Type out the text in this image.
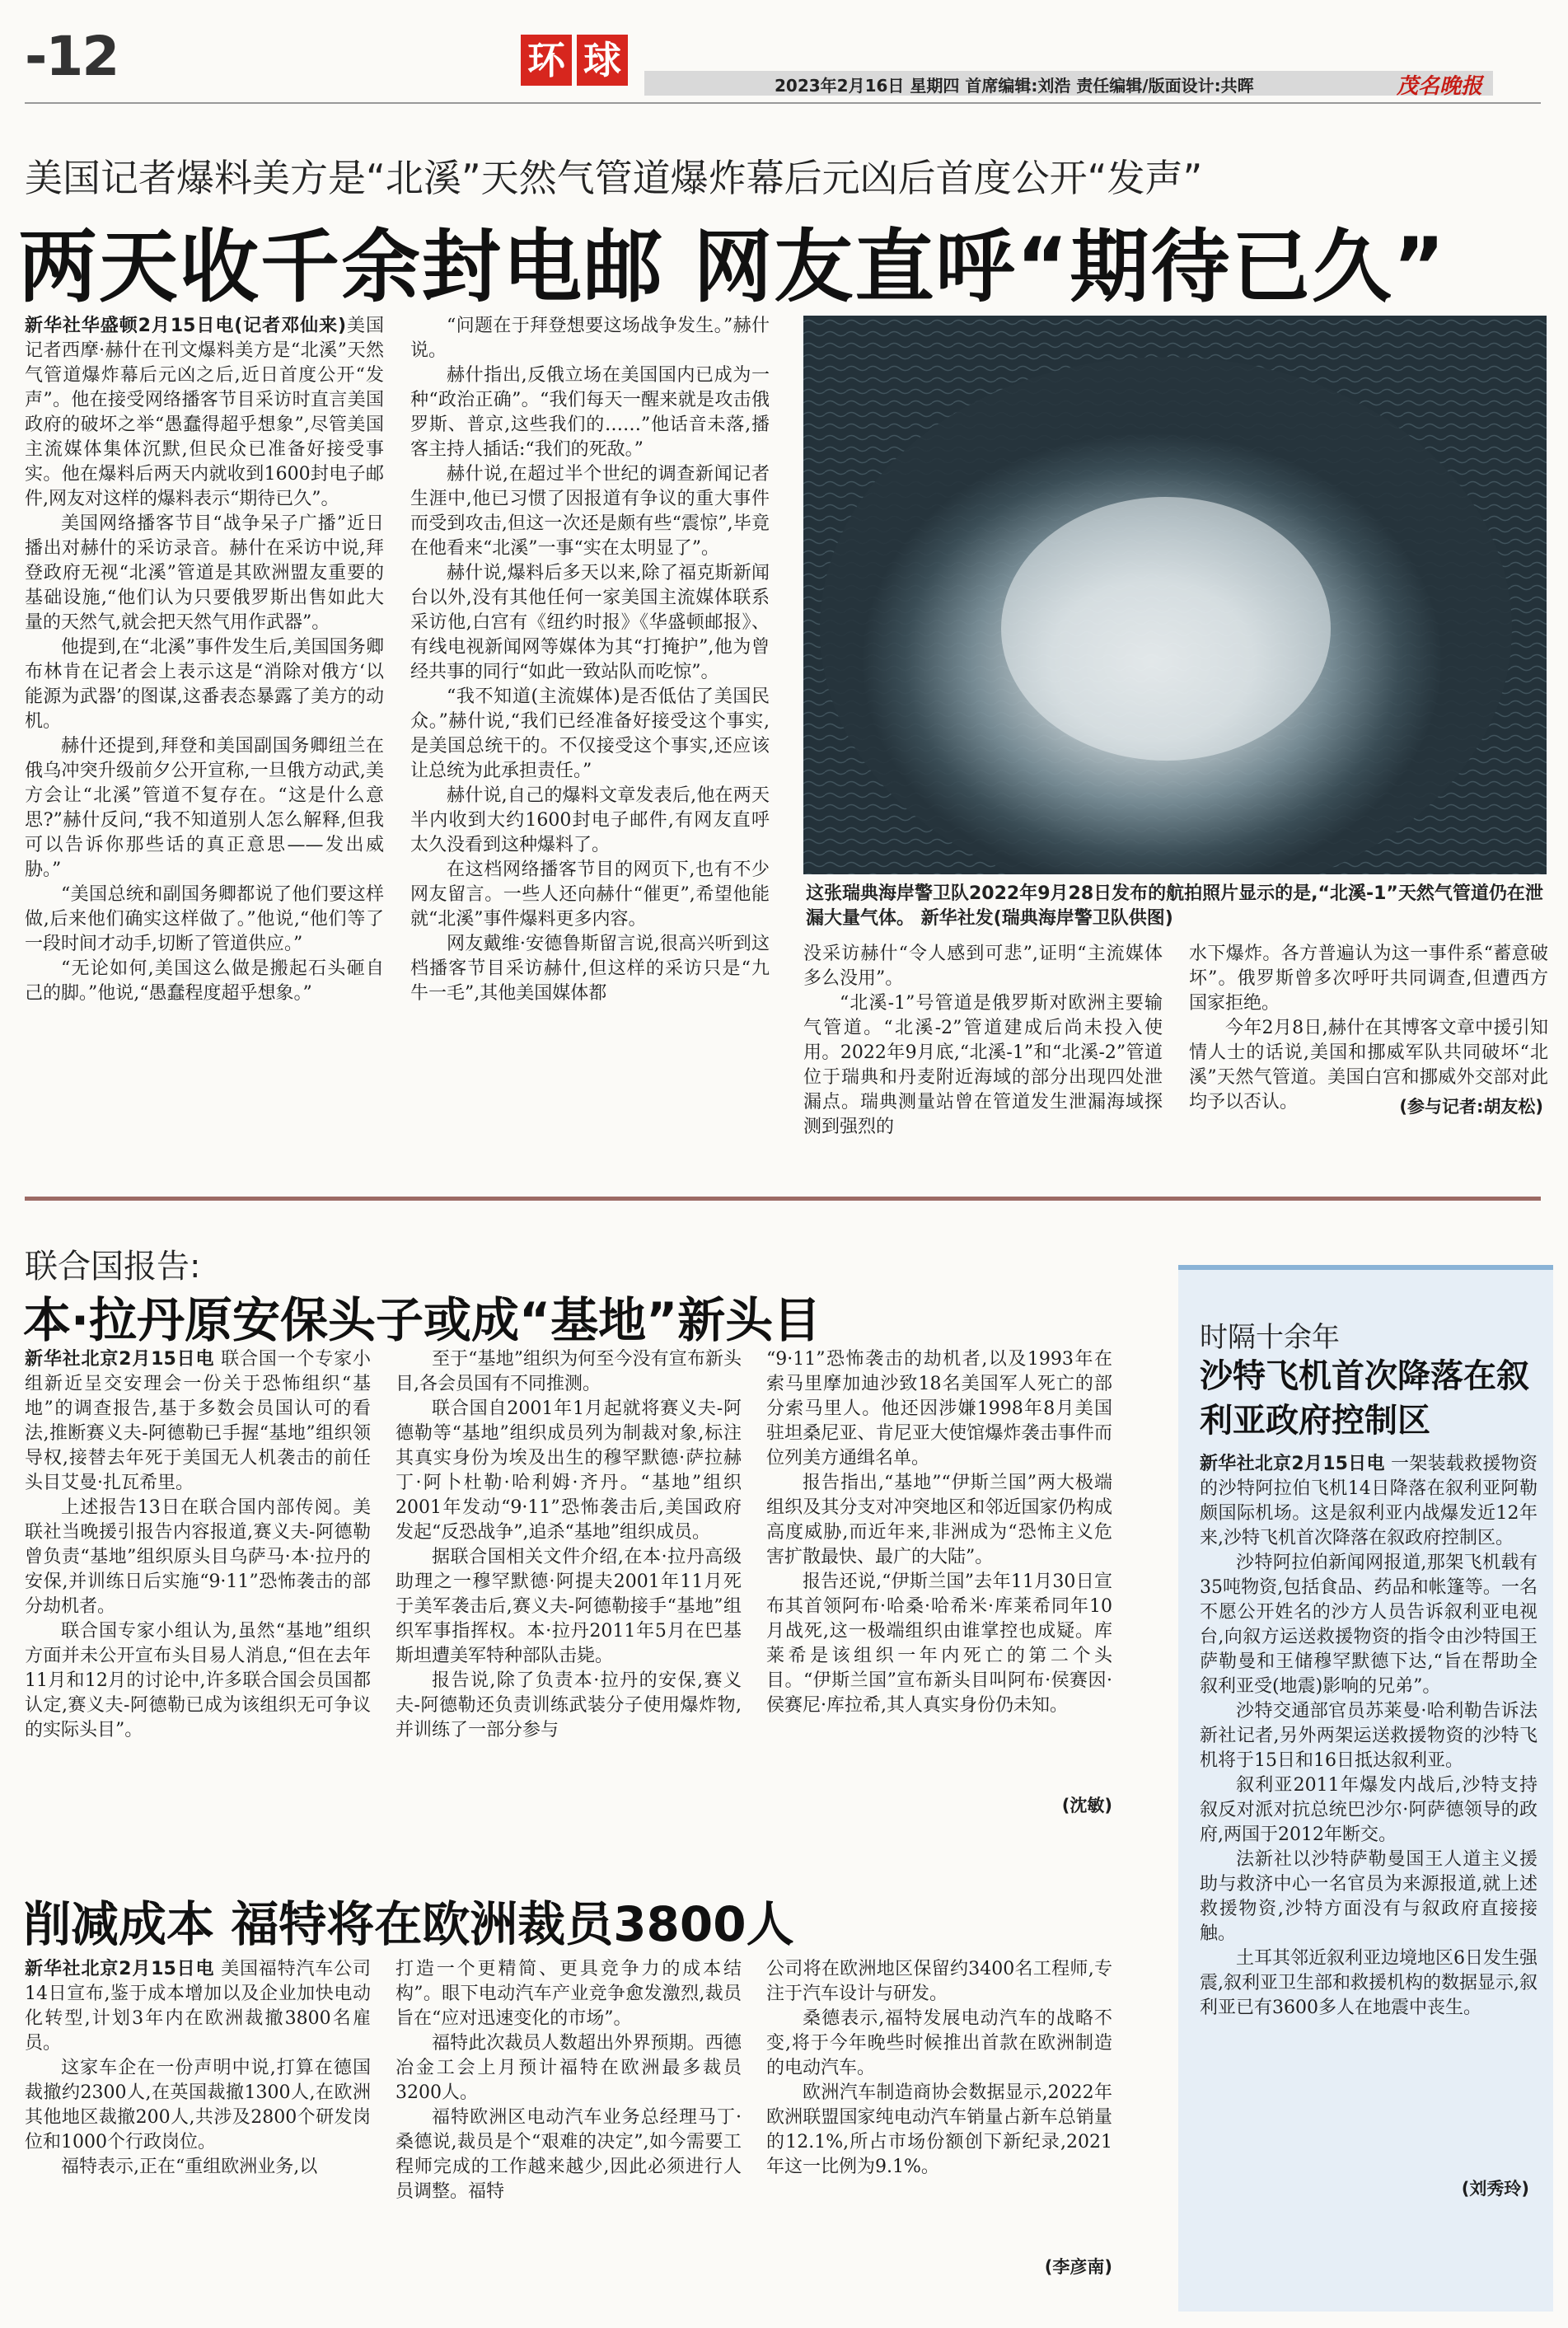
-12	环 球
2023年2月16日 星期四 首席编辑:刘浩 责任编辑/版面设计:共晖	茂名晚报
美国记者爆料美方是“北溪”天然气管道爆炸幕后元凶后首度公开“发声”
两天收千余封电邮 网友直呼“期待已久”

新华社华盛顿2月15日电(记者邓仙来)美国记者西摩·赫什在刊文爆料美方是“北溪”天然气管道爆炸幕后元凶之后,近日首度公开“发声”。他在接受网络播客节目采访时直言美国政府的破坏之举“愚蠢得超乎想象”,尽管美国主流媒体集体沉默,但民众已准备好接受事实。他在爆料后两天内就收到1600封电子邮件,网友对这样的爆料表示“期待已久”。

美国网络播客节目“战争呆子广播”近日播出对赫什的采访录音。赫什在采访中说,拜登政府无视“北溪”管道是其欧洲盟友重要的基础设施,“他们认为只要俄罗斯出售如此大量的天然气,就会把天然气用作武器”。

他提到,在“北溪”事件发生后,美国国务卿布林肯在记者会上表示这是“消除对俄方‘以能源为武器’的图谋,这番表态暴露了美方的动机。

赫什还提到,拜登和美国副国务卿纽兰在俄乌冲突升级前夕公开宣称,一旦俄方动武,美方会让“北溪”管道不复存在。“这是什么意思?”赫什反问,“我不知道别人怎么解释,但我可以告诉你那些话的真正意思——发出威胁。”

“美国总统和副国务卿都说了他们要这样做,后来他们确实这样做了。”他说,“他们等了一段时间才动手,切断了管道供应。”

“无论如何,美国这么做是搬起石头砸自己的脚。”他说,“愚蠢程度超乎想象。”

“问题在于拜登想要这场战争发生。”赫什说。

赫什指出,反俄立场在美国国内已成为一种“政治正确”。“我们每天一醒来就是攻击俄罗斯、普京,这些我们的……”他话音未落,播客主持人插话:“我们的死敌。”

赫什说,在超过半个世纪的调查新闻记者生涯中,他已习惯了因报道有争议的重大事件而受到攻击,但这一次还是颇有些“震惊”,毕竟在他看来“北溪”一事“实在太明显了”。

赫什说,爆料后多天以来,除了福克斯新闻台以外,没有其他任何一家美国主流媒体联系采访他,白宫有《纽约时报》《华盛顿邮报》、有线电视新闻网等媒体为其“打掩护”,他为曾经共事的同行“如此一致站队而吃惊”。

“我不知道(主流媒体)是否低估了美国民众。”赫什说,“我们已经准备好接受这个事实,是美国总统干的。不仅接受这个事实,还应该让总统为此承担责任。”

赫什说,自己的爆料文章发表后,他在两天半内收到大约1600封电子邮件,有网友直呼太久没看到这种爆料了。

在这档网络播客节目的网页下,也有不少网友留言。一些人还向赫什“催更”,希望他能就“北溪”事件爆料更多内容。

网友戴维·安德鲁斯留言说,很高兴听到这档播客节目采访赫什,但这样的采访只是“九牛一毛”,其他美国媒体都

这张瑞典海岸警卫队2022年9月28日发布的航拍照片显示的是,“北溪-1”天然气管道仍在泄漏大量气体。 新华社发(瑞典海岸警卫队供图)

没采访赫什“令人感到可悲”,证明“主流媒体多么没用”。

“北溪-1”号管道是俄罗斯对欧洲主要输气管道。“北溪-2”管道建成后尚未投入使用。2022年9月底,“北溪-1”和“北溪-2”管道位于瑞典和丹麦附近海域的部分出现四处泄漏点。瑞典测量站曾在管道发生泄漏海域探测到强烈的

水下爆炸。各方普遍认为这一事件系“蓄意破坏”。俄罗斯曾多次呼吁共同调查,但遭西方国家拒绝。

今年2月8日,赫什在其博客文章中援引知情人士的话说,美国和挪威军队共同破坏“北溪”天然气管道。美国白宫和挪威外交部对此均予以否认。	(参与记者:胡友松)
联合国报告:
本·拉丹原安保头子或成“基地”新头目

新华社北京2月15日电 联合国一个专家小组新近呈交安理会一份关于恐怖组织“基地”的调查报告,基于多数会员国认可的看法,推断赛义夫-阿德勒已手握“基地”组织领导权,接替去年死于美国无人机袭击的前任头目艾曼·扎瓦希里。

上述报告13日在联合国内部传阅。美联社当晚援引报告内容报道,赛义夫-阿德勒曾负责“基地”组织原头目乌萨马·本·拉丹的安保,并训练日后实施“9·11”恐怖袭击的部分劫机者。

联合国专家小组认为,虽然“基地”组织方面并未公开宣布头目易人消息,“但在去年11月和12月的讨论中,许多联合国会员国都认定,赛义夫-阿德勒已成为该组织无可争议的实际头目”。

至于“基地”组织为何至今没有宣布新头目,各会员国有不同推测。

联合国自2001年1月起就将赛义夫-阿德勒等“基地”组织成员列为制裁对象,标注其真实身份为埃及出生的穆罕默德·萨拉赫丁·阿卜杜勒·哈利姆·齐丹。“基地”组织2001年发动“9·11”恐怖袭击后,美国政府发起“反恐战争”,追杀“基地”组织成员。

据联合国相关文件介绍,在本·拉丹高级助理之一穆罕默德·阿提夫2001年11月死于美军袭击后,赛义夫-阿德勒接手“基地”组织军事指挥权。本·拉丹2011年5月在巴基斯坦遭美军特种部队击毙。

报告说,除了负责本·拉丹的安保,赛义夫-阿德勒还负责训练武装分子使用爆炸物,并训练了一部分参与

“9·11”恐怖袭击的劫机者,以及1993年在索马里摩加迪沙致18名美国军人死亡的部分索马里人。他还因涉嫌1998年8月美国驻坦桑尼亚、肯尼亚大使馆爆炸袭击事件而位列美方通缉名单。

报告指出,“基地”“伊斯兰国”两大极端组织及其分支对冲突地区和邻近国家仍构成高度威胁,而近年来,非洲成为“恐怖主义危害扩散最快、最广的大陆”。

报告还说,“伊斯兰国”去年11月30日宣布其首领阿布·哈桑·哈希米·库莱希同年10月战死,这一极端组织由谁掌控也成疑。库莱希是该组织一年内死亡的第二个头目。“伊斯兰国”宣布新头目叫阿布·侯赛因·侯赛尼·库拉希,其人真实身份仍未知。

(沈敏)
时隔十余年
沙特飞机首次降落在叙利亚政府控制区

新华社北京2月15日电 一架装载救援物资的沙特阿拉伯飞机14日降落在叙利亚阿勒颇国际机场。这是叙利亚内战爆发近12年来,沙特飞机首次降落在叙政府控制区。

沙特阿拉伯新闻网报道,那架飞机载有35吨物资,包括食品、药品和帐篷等。一名不愿公开姓名的沙方人员告诉叙利亚电视台,向叙方运送救援物资的指令由沙特国王萨勒曼和王储穆罕默德下达,“旨在帮助全叙利亚受(地震)影响的兄弟”。

沙特交通部官员苏莱曼·哈利勒告诉法新社记者,另外两架运送救援物资的沙特飞机将于15日和16日抵达叙利亚。

叙利亚2011年爆发内战后,沙特支持叙反对派对抗总统巴沙尔·阿萨德领导的政府,两国于2012年断交。

法新社以沙特萨勒曼国王人道主义援助与救济中心一名官员为来源报道,就上述救援物资,沙特方面没有与叙政府直接接触。

土耳其邻近叙利亚边境地区6日发生强震,叙利亚卫生部和救援机构的数据显示,叙利亚已有3600多人在地震中丧生。

(刘秀玲)
削减成本 福特将在欧洲裁员3800人

新华社北京2月15日电 美国福特汽车公司14日宣布,鉴于成本增加以及企业加快电动化转型,计划3年内在欧洲裁撤3800名雇员。

这家车企在一份声明中说,打算在德国裁撤约2300人,在英国裁撤1300人,在欧洲其他地区裁撤200人,共涉及2800个研发岗位和1000个行政岗位。

福特表示,正在“重组欧洲业务,以

打造一个更精简、更具竞争力的成本结构”。眼下电动汽车产业竞争愈发激烈,裁员旨在“应对迅速变化的市场”。

福特此次裁员人数超出外界预期。西德冶金工会上月预计福特在欧洲最多裁员3200人。

福特欧洲区电动汽车业务总经理马丁·桑德说,裁员是个“艰难的决定”,如今需要工程师完成的工作越来越少,因此必须进行人员调整。福特

公司将在欧洲地区保留约3400名工程师,专注于汽车设计与研发。

桑德表示,福特发展电动汽车的战略不变,将于今年晚些时候推出首款在欧洲制造的电动汽车。

欧洲汽车制造商协会数据显示,2022年欧洲联盟国家纯电动汽车销量占新车总销量的12.1%,所占市场份额创下新纪录,2021年这一比例为9.1%。

(李彦南)
